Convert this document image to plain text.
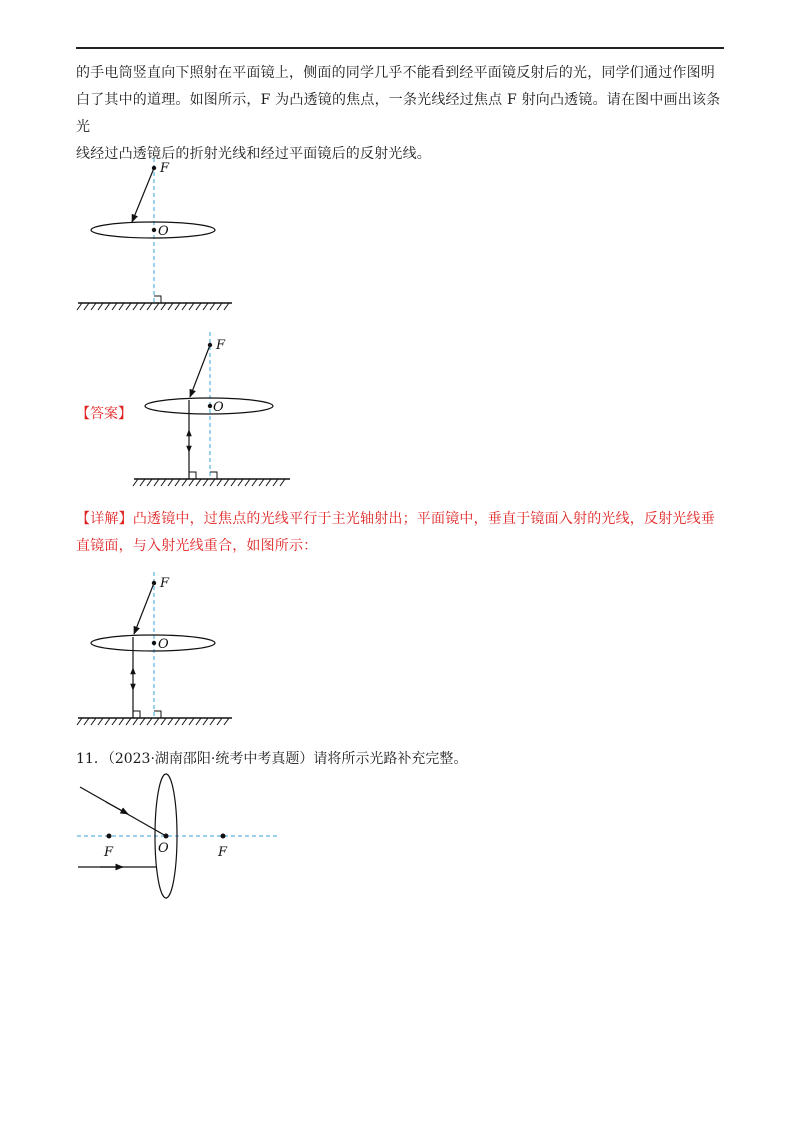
的手电筒竖直向下照射在平面镜上，侧面的同学几乎不能看到经平面镜反射后的光，同学们通过作图明

白了其中的道理。如图所示，F 为凸透镜的焦点，一条光线经过焦点 F 射向凸透镜。请在图中画出该条光

线经过凸透镜后的折射光线和经过平面镜后的反射光线。

F
O
【答案】
F
O

【详解】凸透镜中，过焦点的光线平行于主光轴射出；平面镜中，垂直于镜面入射的光线，反射光线垂

直镜面，与入射光线重合，如图所示：

F
O
11．（2023·湖南邵阳·统考中考真题）请将所示光路补充完整。
F	O	F
